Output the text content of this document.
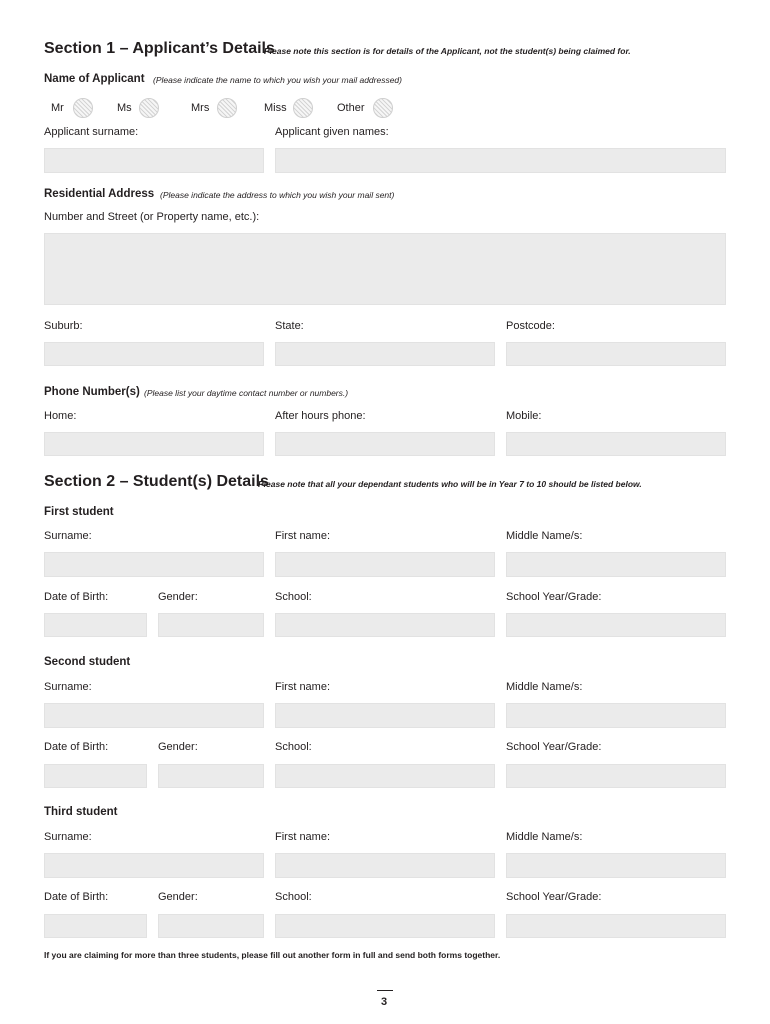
Section 1 – Applicant’s Details
Please note this section is for details of the Applicant, not the student(s) being claimed for.
Name of Applicant (Please indicate the name to which you wish your mail addressed)
Mr	Ms	Mrs	Miss	Other
Applicant surname:	Applicant given names:
Residential Address (Please indicate the address to which you wish your mail sent)
Number and Street (or Property name, etc.):
Suburb:	State:	Postcode:
Phone Number(s) (Please list your daytime contact number or numbers.)
Home:	After hours phone:	Mobile:
Section 2 – Student(s) Details
Please note that all your dependant students who will be in Year 7 to 10 should be listed below.
First student
Surname:	First name:	Middle Name/s:
Date of Birth:	Gender:	School:	School Year/Grade:
Second student
Surname:	First name:	Middle Name/s:
Date of Birth:	Gender:	School:	School Year/Grade:
Third student
Surname:	First name:	Middle Name/s:
Date of Birth:	Gender:	School:	School Year/Grade:
If you are claiming for more than three students, please fill out another form in full and send both forms together.
3
